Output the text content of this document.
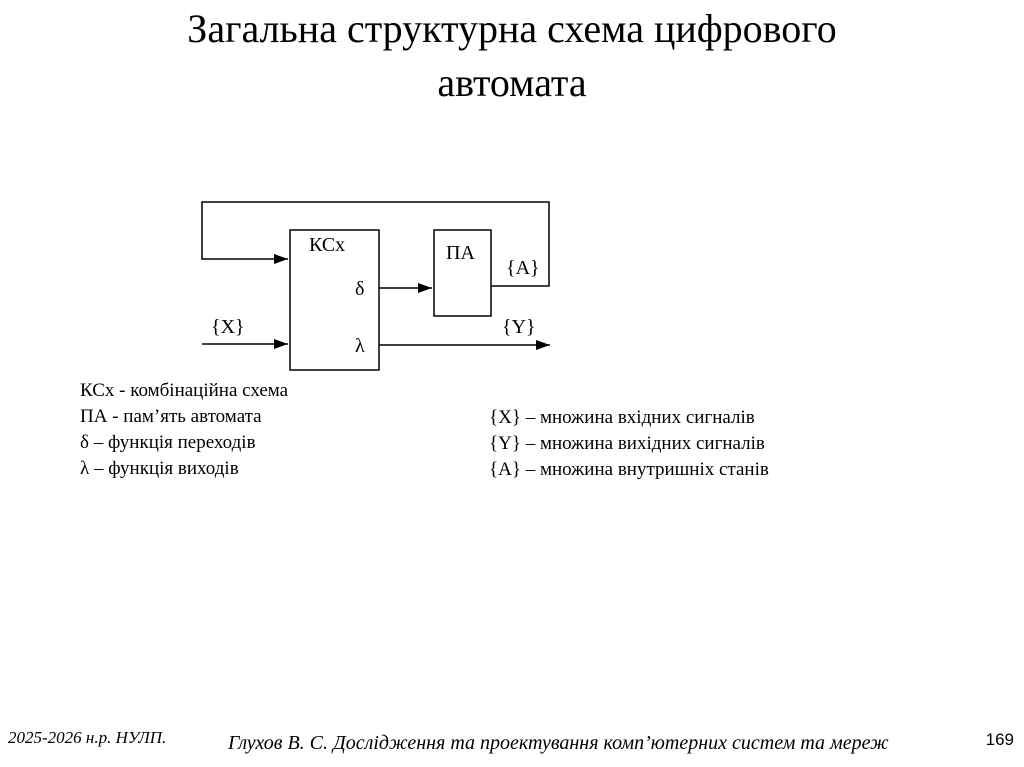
Загальна структурна схема цифрового
автомата
КСх	ПА
δ
λ
{X}
{A}
{Y}
КСх - комбінаційна схема
ПА - пам’ять автомата
δ – функція переходів
λ – функція виходів
{X} – множина вхідних сигналів
{Y} – множина вихідних сигналів
{A} – множина внутришніх станів
2025-2026 н.р. НУЛП.	Глухов В. С. Дослідження та проектування комп’ютерних систем та мереж	169
